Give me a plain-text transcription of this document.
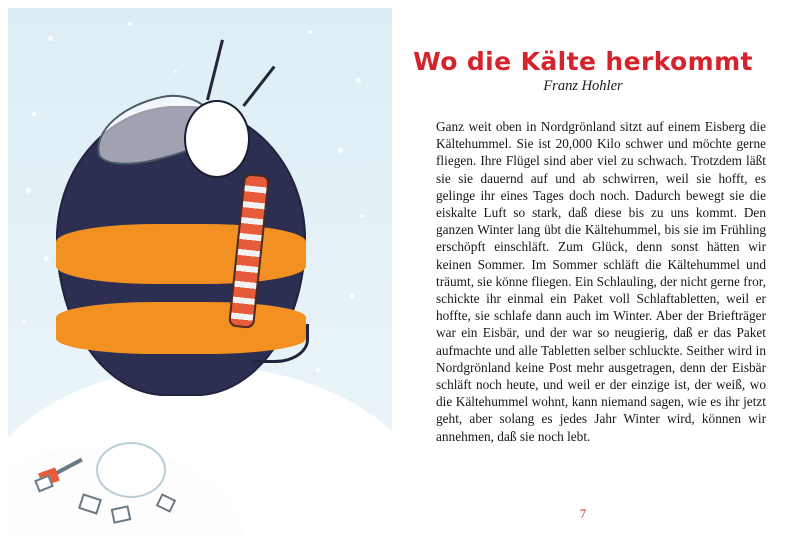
Wo die Kälte herkommt
Franz Hohler
Ganz weit oben in Nordgrönland sitzt auf einem Eisberg die Kältehummel. Sie ist 20,000 Kilo schwer und möchte gerne fliegen. Ihre Flügel sind aber viel zu schwach. Trotzdem läßt sie sie dauernd auf und ab schwirren, weil sie hofft, es gelinge ihr eines Tages doch noch. Dadurch bewegt sie die eiskalte Luft so stark, daß diese bis zu uns kommt. Den ganzen Winter lang übt die Kältehummel, bis sie im Frühling erschöpft einschläft. Zum Glück, denn sonst hätten wir keinen Sommer. Im Sommer schläft die Kältehummel und träumt, sie könne fliegen. Ein Schlauling, der nicht gerne fror, schickte ihr einmal ein Paket voll Schlaftabletten, weil er hoffte, sie schlafe dann auch im Winter. Aber der Briefträger war ein Eisbär, und der war so neugierig, daß er das Paket aufmachte und alle Tabletten selber schluckte. Seither wird in Nordgrönland keine Post mehr ausgetragen, denn der Eisbär schläft noch heute, und weil er der einzige ist, der weiß, wo die Kältehummel wohnt, kann niemand sagen, wie es ihr jetzt geht, aber solang es jedes Jahr Winter wird, können wir annehmen, daß sie noch lebt.
7
